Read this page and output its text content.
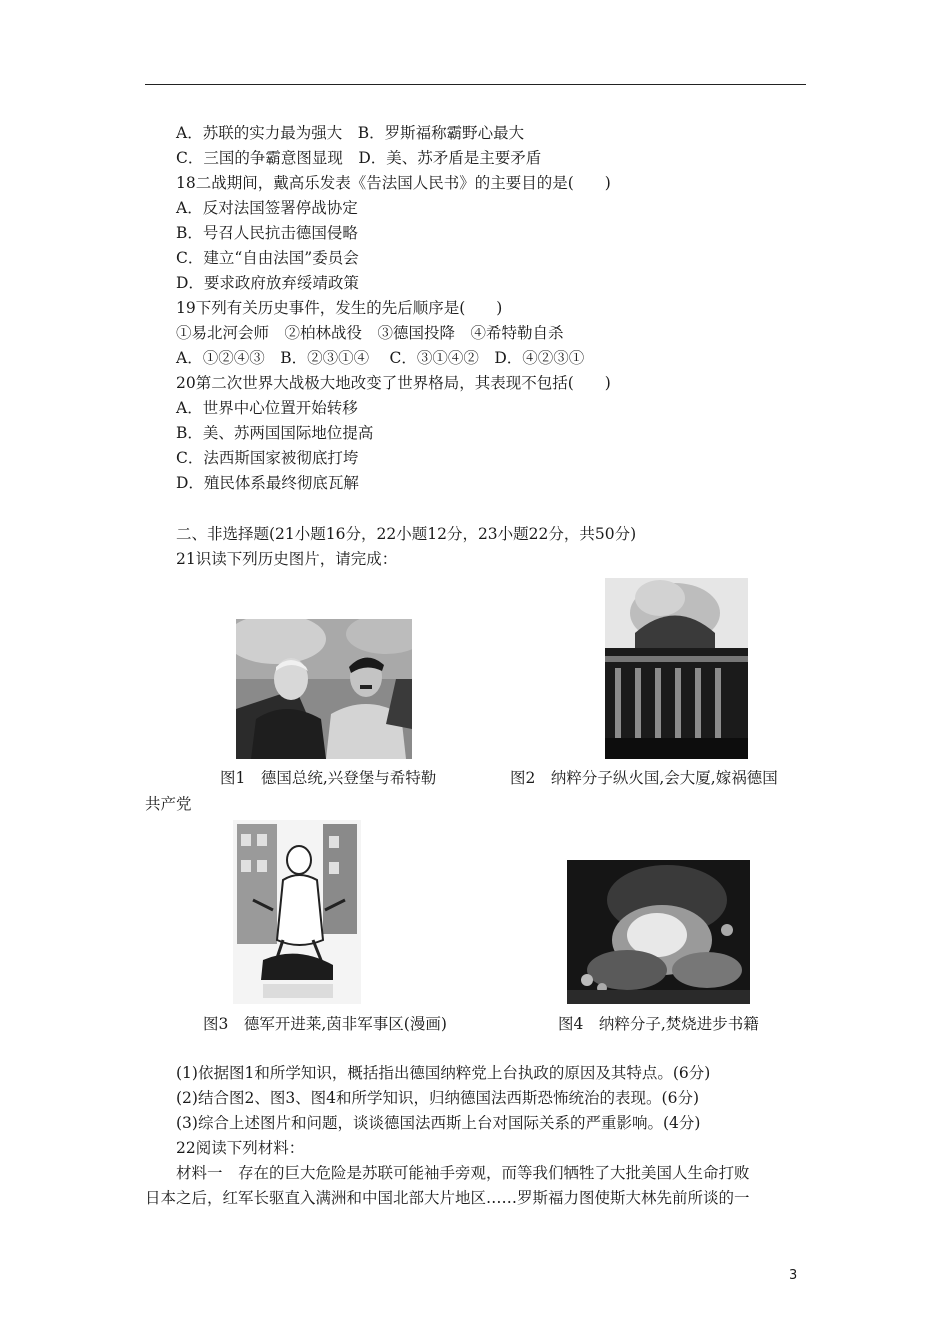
A．苏联的实力最为强大　B．罗斯福称霸野心最大
C．三国的争霸意图显现　D．美、苏矛盾是主要矛盾
18二战期间，戴高乐发表《告法国人民书》的主要目的是(　　)
A．反对法国签署停战协定
B．号召人民抗击德国侵略
C．建立“自由法国”委员会
D．要求政府放弃绥靖政策
19下列有关历史事件，发生的先后顺序是(　　)
①易北河会师　②柏林战役　③德国投降　④希特勒自杀
A．①②④③　B．②③①④　 C．③①④②　D．④②③①
20第二次世界大战极大地改变了世界格局，其表现不包括(　　)
A．世界中心位置开始转移
B．美、苏两国国际地位提高
C．法西斯国家被彻底打垮
D．殖民体系最终彻底瓦解
二、非选择题(21小题16分，22小题12分，23小题22分，共50分)
21识读下列历史图片，请完成：
图1　德国总统,兴登堡与希特勒	图2　纳粹分子纵火国,会大厦,嫁祸德国
共产党
图3　德军开进莱,茵非军事区(漫画)	图4　纳粹分子,焚烧进步书籍
(1)依据图1和所学知识，概括指出德国纳粹党上台执政的原因及其特点。(6分)
(2)结合图2、图3、图4和所学知识，归纳德国法西斯恐怖统治的表现。(6分)
(3)综合上述图片和问题，谈谈德国法西斯上台对国际关系的严重影响。(4分)
22阅读下列材料：
材料一　存在的巨大危险是苏联可能袖手旁观，而等我们牺牲了大批美国人生命打败
日本之后，红军长驱直入满洲和中国北部大片地区……罗斯福力图使斯大林先前所谈的一
3
